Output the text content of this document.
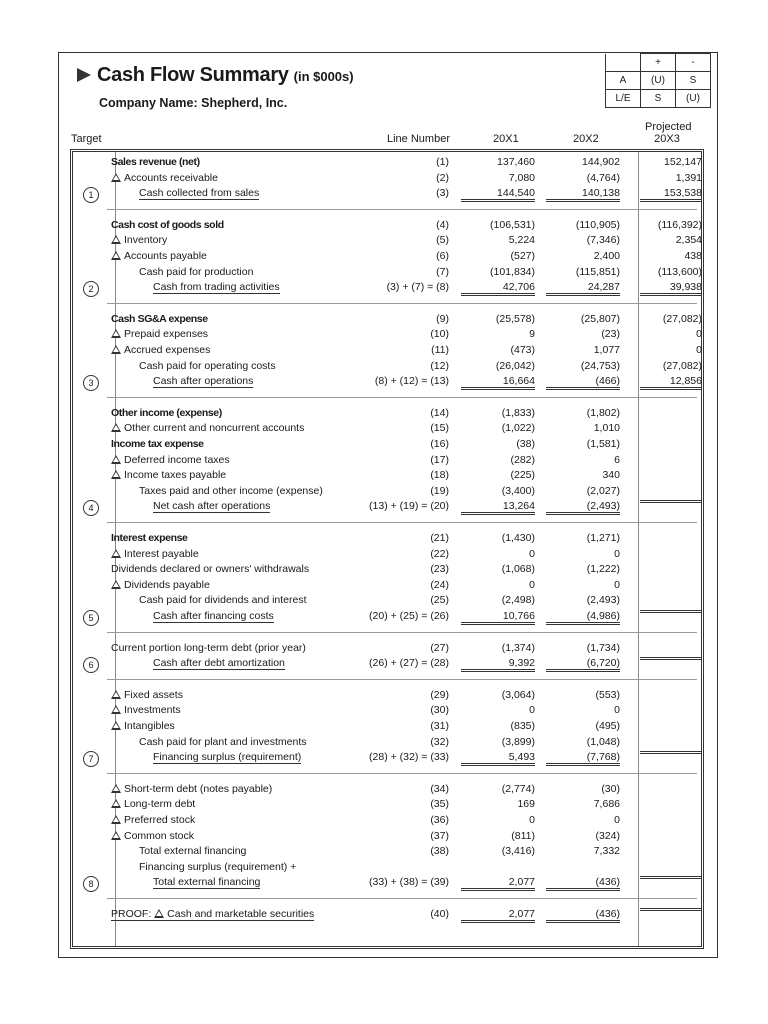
Cash Flow Summary (in $000s)
Company Name: Shepherd, Inc.
	+	-
A	(U)	S
L/E	S	(U)
Target	Line Number	20X1	20X2
Projected
20X3
Sales revenue (net)	(1)	137,460	144,902	152,147
Accounts receivable	(2)	7,080	(4,764)	1,391
Cash collected from sales	(3)	144,540	140,138	153,538
1
Cash cost of goods sold	(4)	(106,531)	(110,905)	(116,392)
Inventory	(5)	5,224	(7,346)	2,354
Accounts payable	(6)	(527)	2,400	438
Cash paid for production	(7)	(101,834)	(115,851)	(113,600)
Cash from trading activities	(3) + (7) = (8)	42,706	24,287	39,938
2
Cash SG&A expense	(9)	(25,578)	(25,807)	(27,082)
Prepaid expenses	(10)	9	(23)	0
Accrued expenses	(11)	(473)	1,077	0
Cash paid for operating costs	(12)	(26,042)	(24,753)	(27,082)
Cash after operations	(8) + (12) = (13)	16,664	(466)	12,856
3
Other income (expense)	(14)	(1,833)	(1,802)
Other current and noncurrent accounts	(15)	(1,022)	1,010
Income tax expense	(16)	(38)	(1,581)
Deferred income taxes	(17)	(282)	6
Income taxes payable	(18)	(225)	340
Taxes paid and other income (expense)	(19)	(3,400)	(2,027)
Net cash after operations	(13) + (19) = (20)	13,264	(2,493)
4
Interest expense	(21)	(1,430)	(1,271)
Interest payable	(22)	0	0
Dividends declared or owners' withdrawals	(23)	(1,068)	(1,222)
Dividends payable	(24)	0	0
Cash paid for dividends and interest	(25)	(2,498)	(2,493)
Cash after financing costs	(20) + (25) = (26)	10,766	(4,986)
5
Current portion long-term debt (prior year)	(27)	(1,374)	(1,734)
Cash after debt amortization	(26) + (27) = (28)	9,392	(6,720)
6
Fixed assets	(29)	(3,064)	(553)
Investments	(30)	0	0
Intangibles	(31)	(835)	(495)
Cash paid for plant and investments	(32)	(3,899)	(1,048)
Financing surplus (requirement)	(28) + (32) = (33)	5,493	(7,768)
7
Short-term debt (notes payable)	(34)	(2,774)	(30)
Long-term debt	(35)	169	7,686
Preferred stock	(36)	0	0
Common stock	(37)	(811)	(324)
Total external financing	(38)	(3,416)	7,332
Financing surplus (requirement) +
Total external financing	(33) + (38) = (39)	2,077	(436)
8
PROOF: Cash and marketable securities	(40)	2,077	(436)
